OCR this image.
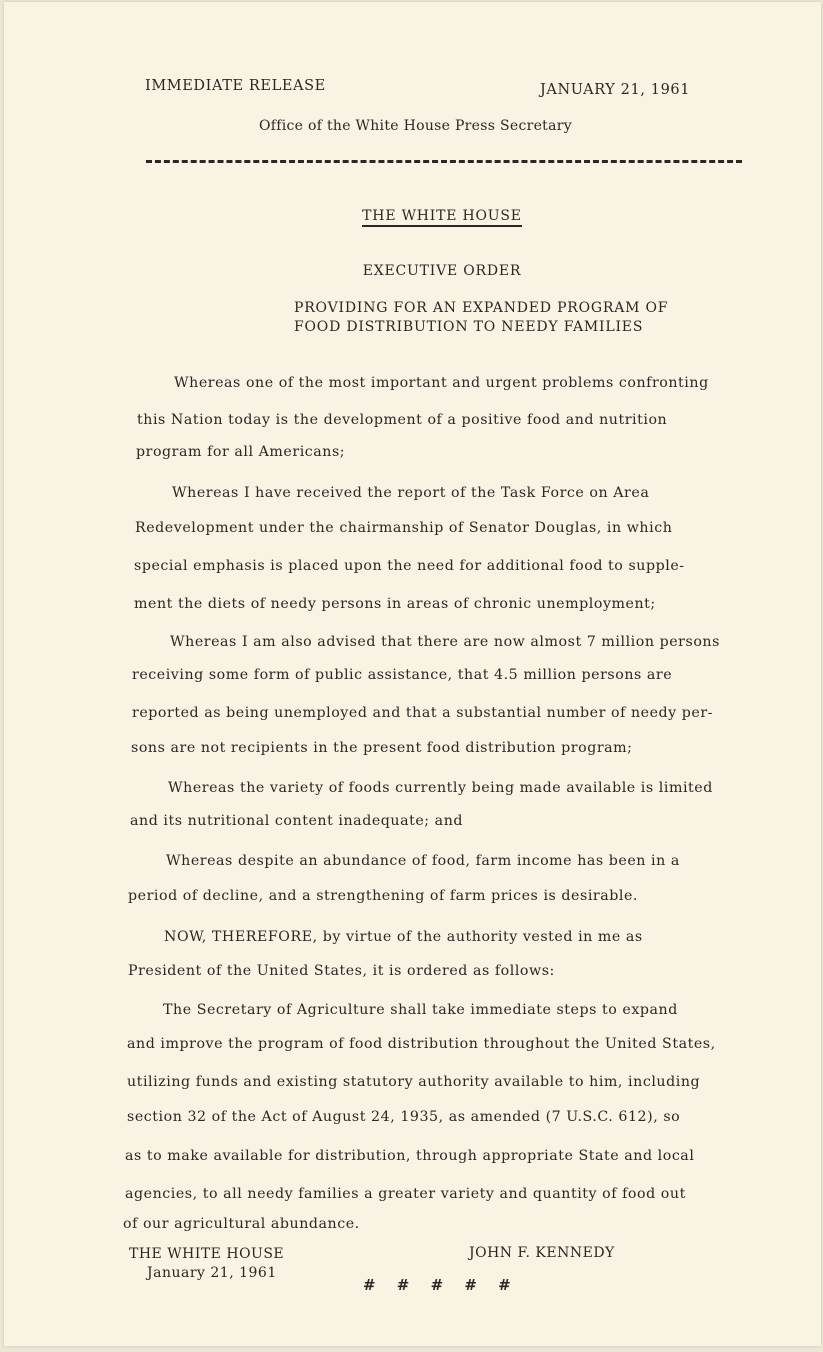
IMMEDIATE RELEASE	JANUARY 21, 1961
Office of the White House Press Secretary
THE WHITE HOUSE
EXECUTIVE ORDER
PROVIDING FOR AN EXPANDED PROGRAM OF
FOOD DISTRIBUTION TO NEEDY FAMILIES
Whereas one of the most important and urgent problems confronting
this Nation today is the development of a positive food and nutrition
program for all Americans;
Whereas I have received the report of the Task Force on Area
Redevelopment under the chairmanship of Senator Douglas, in which
special emphasis is placed upon the need for additional food to supple-
ment the diets of needy persons in areas of chronic unemployment;
Whereas I am also advised that there are now almost 7 million persons
receiving some form of public assistance, that 4.5 million persons are
reported as being unemployed and that a substantial number of needy per-
sons are not recipients in the present food distribution program;
Whereas the variety of foods currently being made available is limited
and its nutritional content inadequate; and
Whereas despite an abundance of food, farm income has been in a
period of decline, and a strengthening of farm prices is desirable.
NOW, THEREFORE, by virtue of the authority vested in me as
President of the United States, it is ordered as follows:
The Secretary of Agriculture shall take immediate steps to expand
and improve the program of food distribution throughout the United States,
utilizing funds and existing statutory authority available to him, including
section 32 of the Act of August 24, 1935, as amended (7 U.S.C. 612), so
as to make available for distribution, through appropriate State and local
agencies, to all needy families a greater variety and quantity of food out
of our agricultural abundance.
THE WHITE HOUSE
January 21, 1961
JOHN F. KENNEDY
# # # # #
